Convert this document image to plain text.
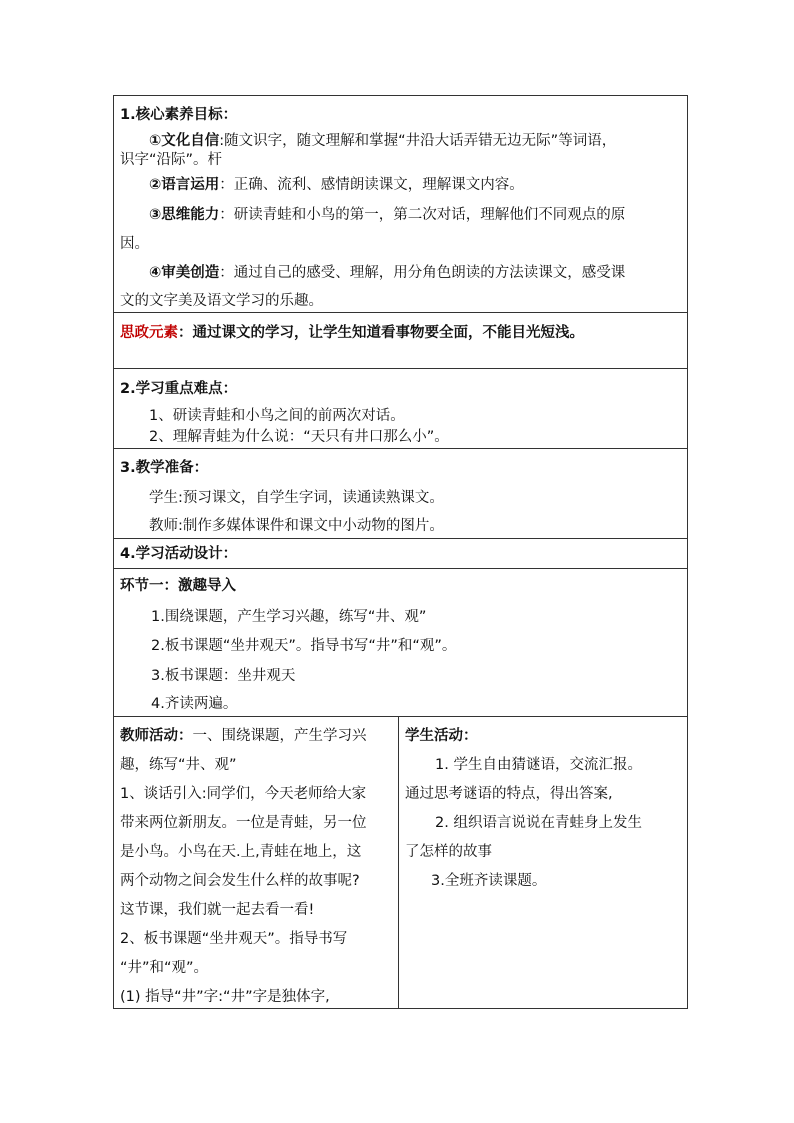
1.核心素养目标：
①文化自信:随文识字，随文理解和掌握“井沿大话弄错无边无际”等词语，
识字“沿际”。杆
②语言运用：正确、流利、感情朗读课文，理解课文内容。
③思维能力：研读青蛙和小鸟的第一，第二次对话，理解他们不同观点的原
因。
④审美创造：通过自己的感受、理解，用分角色朗读的方法读课文，感受课
文的文字美及语文学习的乐趣。
思政元素：通过课文的学习，让学生知道看事物要全面，不能目光短浅。
2.学习重点难点：
1、研读青蛙和小鸟之间的前两次对话。
2、理解青蛙为什么说：“天只有井口那么小”。
3.教学准备：
学生:预习课文，自学生字词，读通读熟课文。
教师:制作多媒体课件和课文中小动物的图片。
4.学习活动设计：
环节一：激趣导入
1.围绕课题，产生学习兴趣，练写“井、观”
2.板书课题“坐井观天”。指导书写“井”和“观”。
3.板书课题：坐井观天
4.齐读两遍。
教师活动：一、围绕课题，产生学习兴
趣，练写“井、观”
1、谈话引入:同学们，今天老师给大家
带来两位新朋友。一位是青蛙，另一位
是小鸟。小鸟在天.上,青蛙在地上，这
两个动物之间会发生什么样的故事呢?
这节课，我们就一起去看一看!
2、板书课题“坐井观天”。指导书写
“井”和“观”。
(1) 指导“井”字:“井”字是独体字,
学生活动：
1. 学生自由猜谜语，交流汇报。
通过思考谜语的特点，得出答案,
2. 组织语言说说在青蛙身上发生
了怎样的故事
3.全班齐读课题。
